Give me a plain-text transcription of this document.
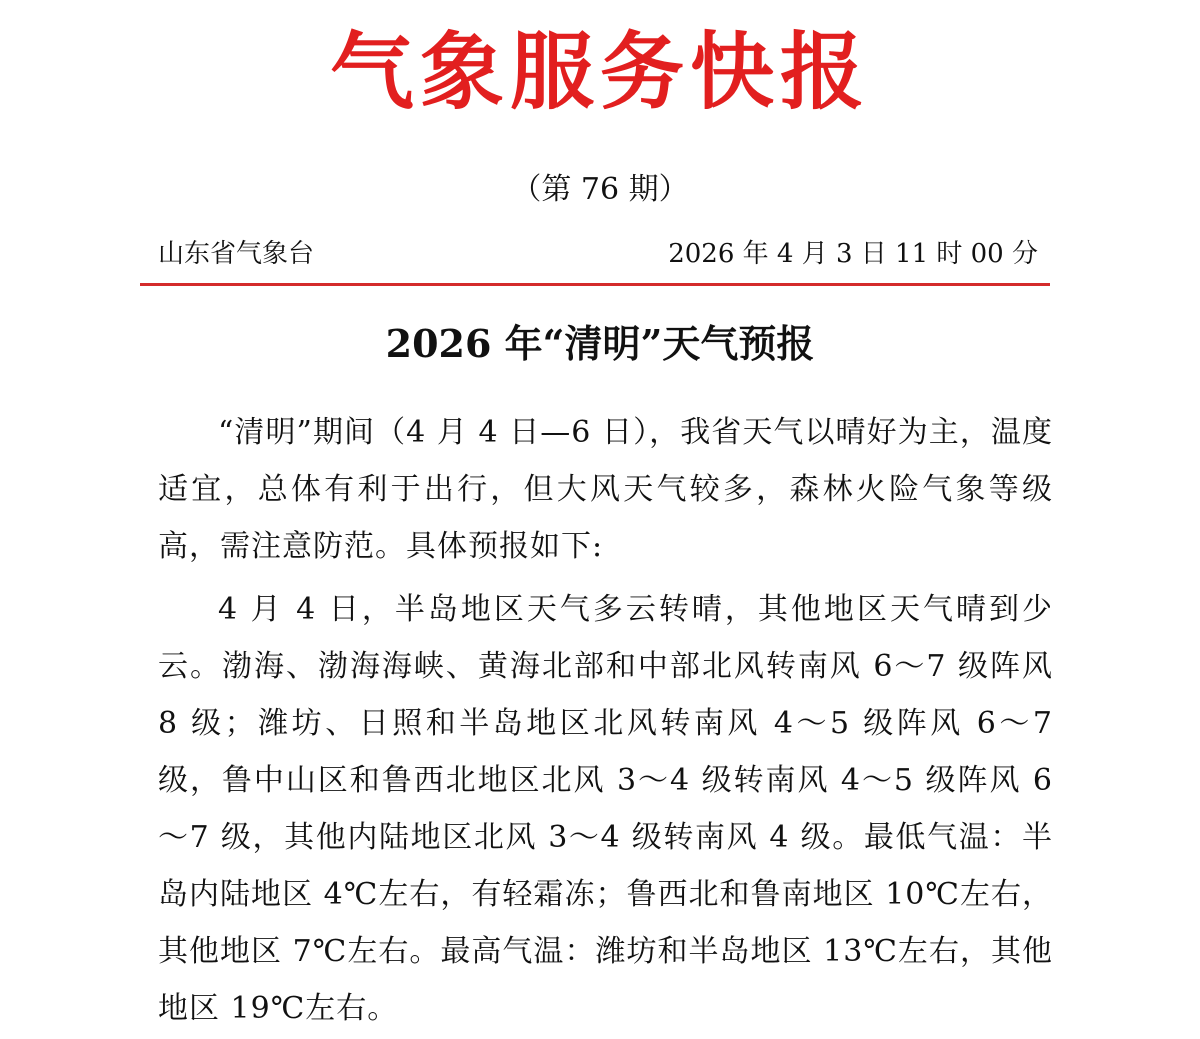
气象服务快报
（第 76 期）
山东省气象台	2026 年 4 月 3 日 11 时 00 分
2026 年“清明”天气预报

“清明”期间（4 月 4 日—6 日），我省天气以晴好为主，温度适宜，总体有利于出行，但大风天气较多，森林火险气象等级高，需注意防范。具体预报如下:

4 月 4 日，半岛地区天气多云转晴，其他地区天气晴到少云。渤海、渤海海峡、黄海北部和中部北风转南风 6～7 级阵风 8 级；潍坊、日照和半岛地区北风转南风 4～5 级阵风 6～7 级，鲁中山区和鲁西北地区北风 3～4 级转南风 4～5 级阵风 6～7 级，其他内陆地区北风 3～4 级转南风 4 级。最低气温：半岛内陆地区 4℃左右，有轻霜冻；鲁西北和鲁南地区 10℃左右，其他地区 7℃左右。最高气温：潍坊和半岛地区 13℃左右，其他地区 19℃左右。
